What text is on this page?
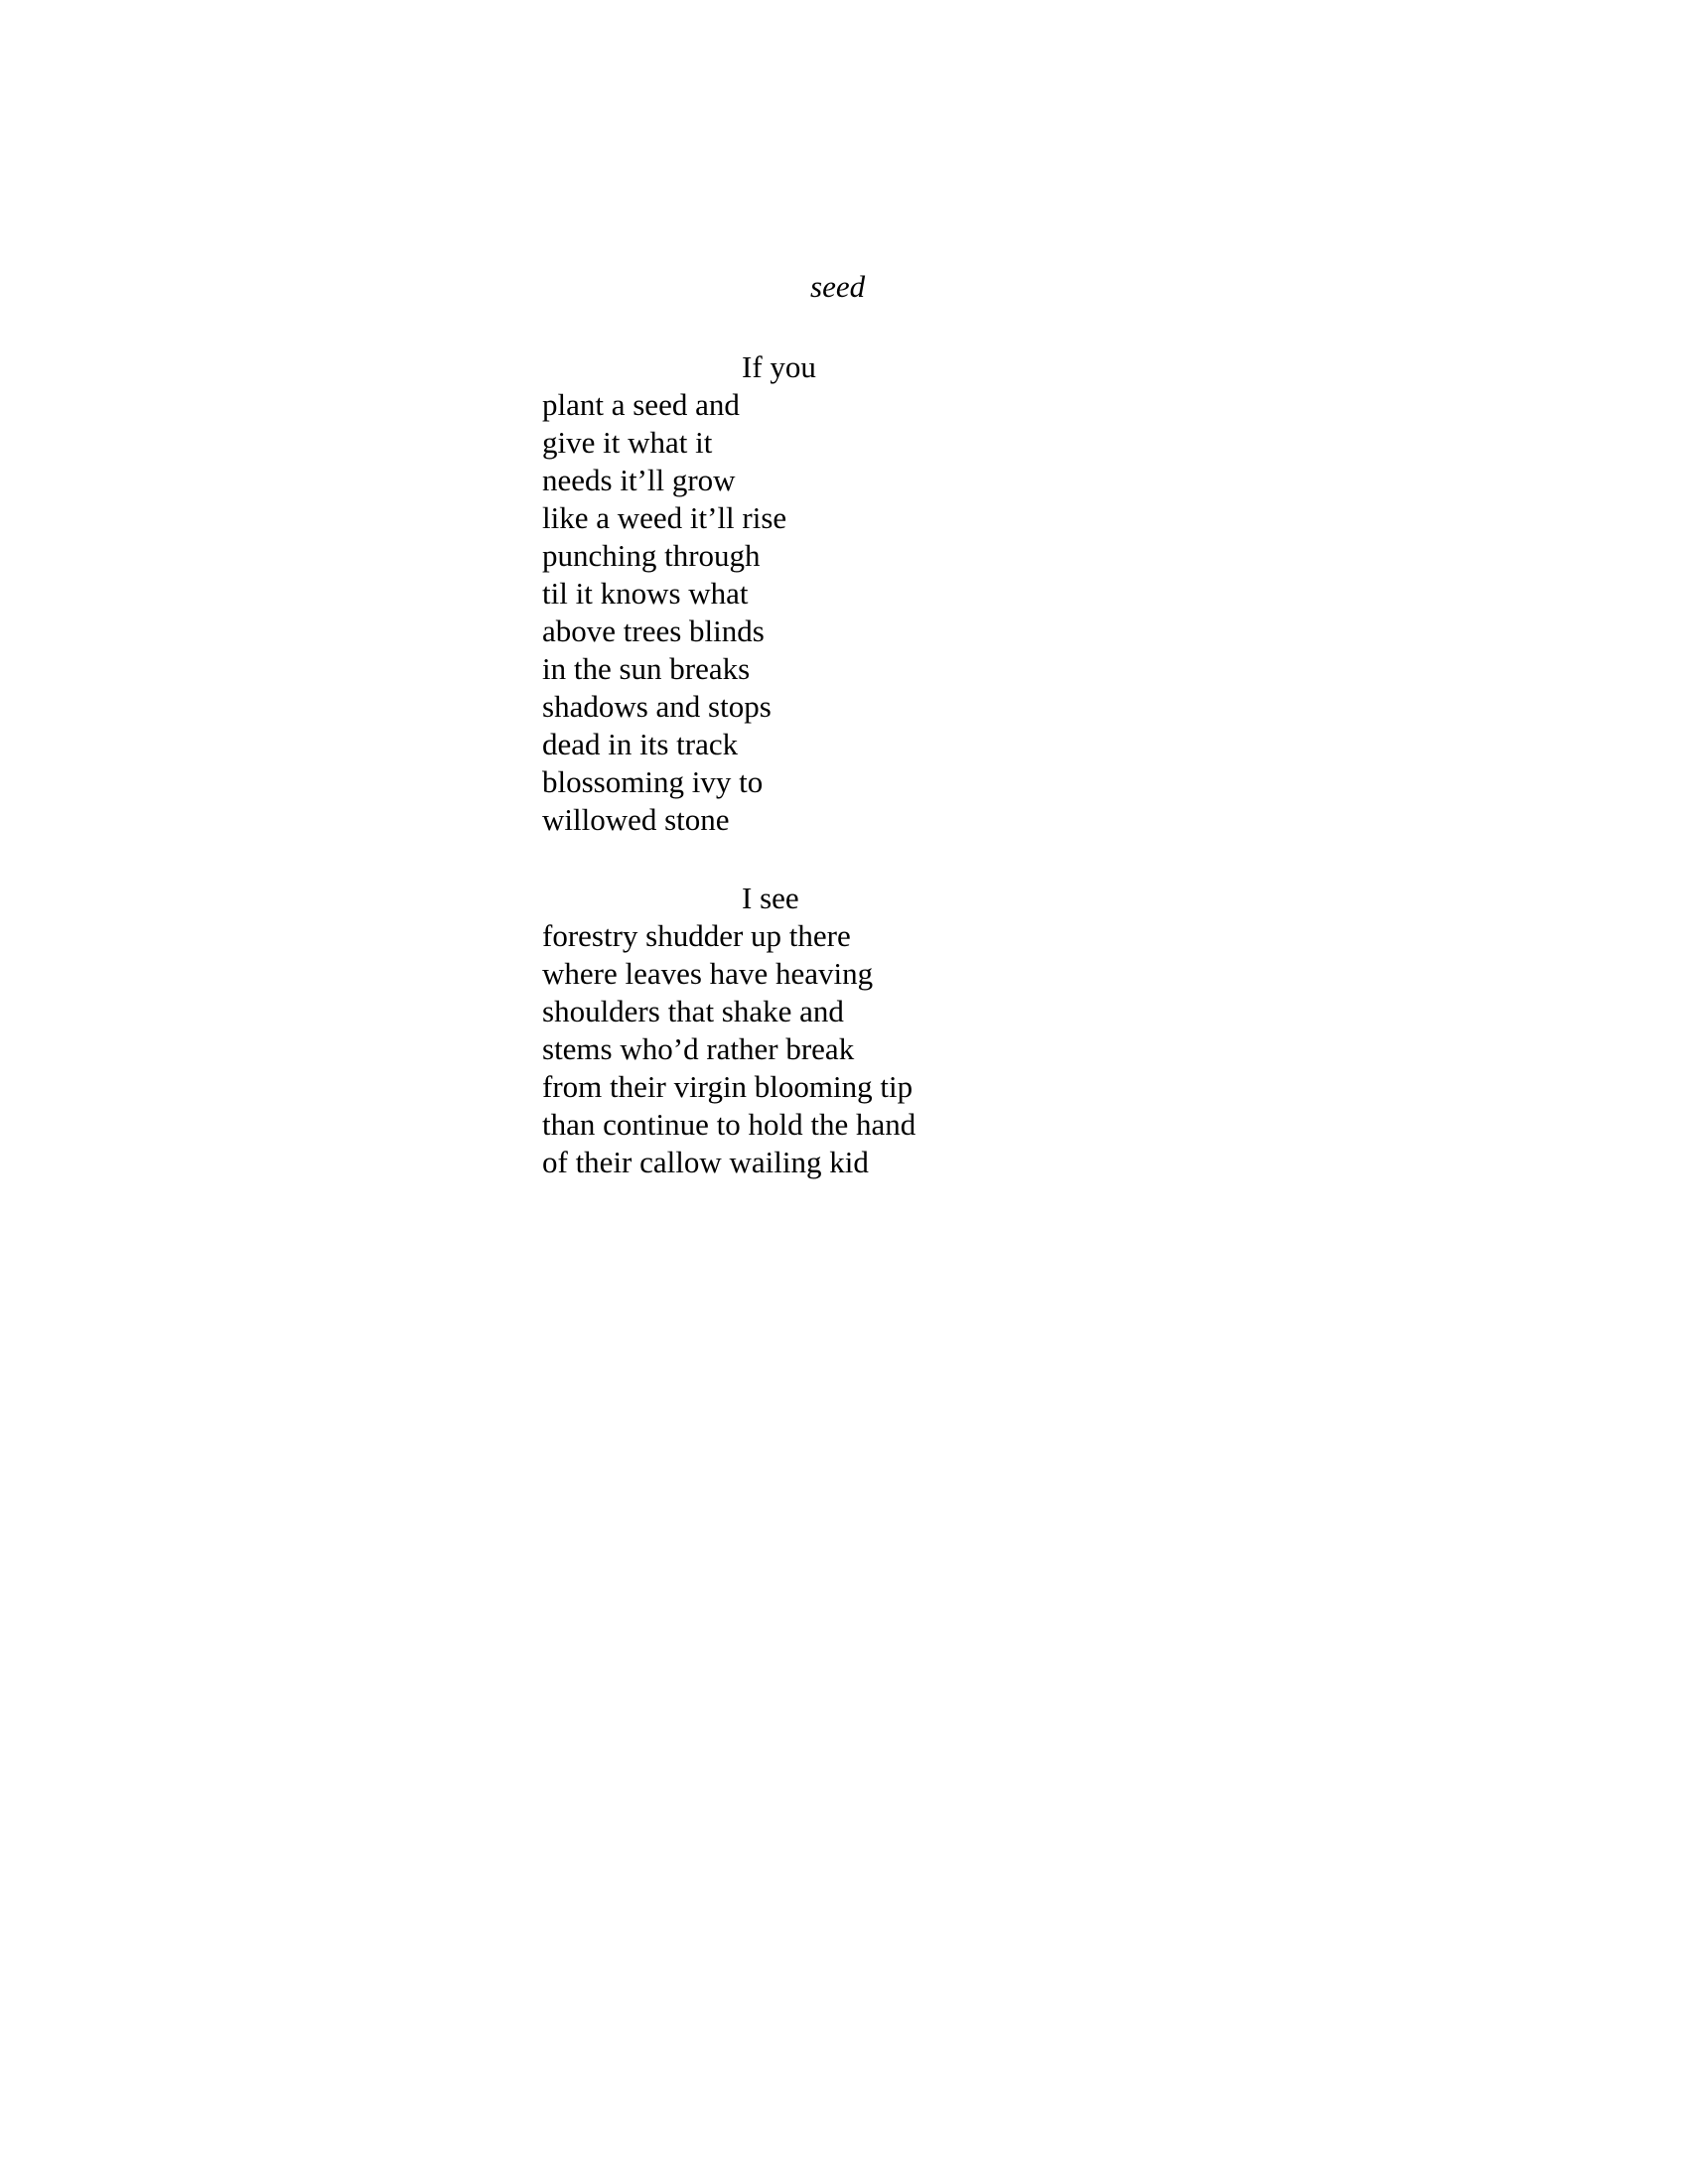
seed
If you
plant a seed and
give it what it
needs it’ll grow
like a weed it’ll rise
punching through
til it knows what
above trees blinds
in the sun breaks
shadows and stops
dead in its track
blossoming ivy to
willowed stone
I see
forestry shudder up there
where leaves have heaving
shoulders that shake and
stems who’d rather break
from their virgin blooming tip
than continue to hold the hand
of their callow wailing kid
